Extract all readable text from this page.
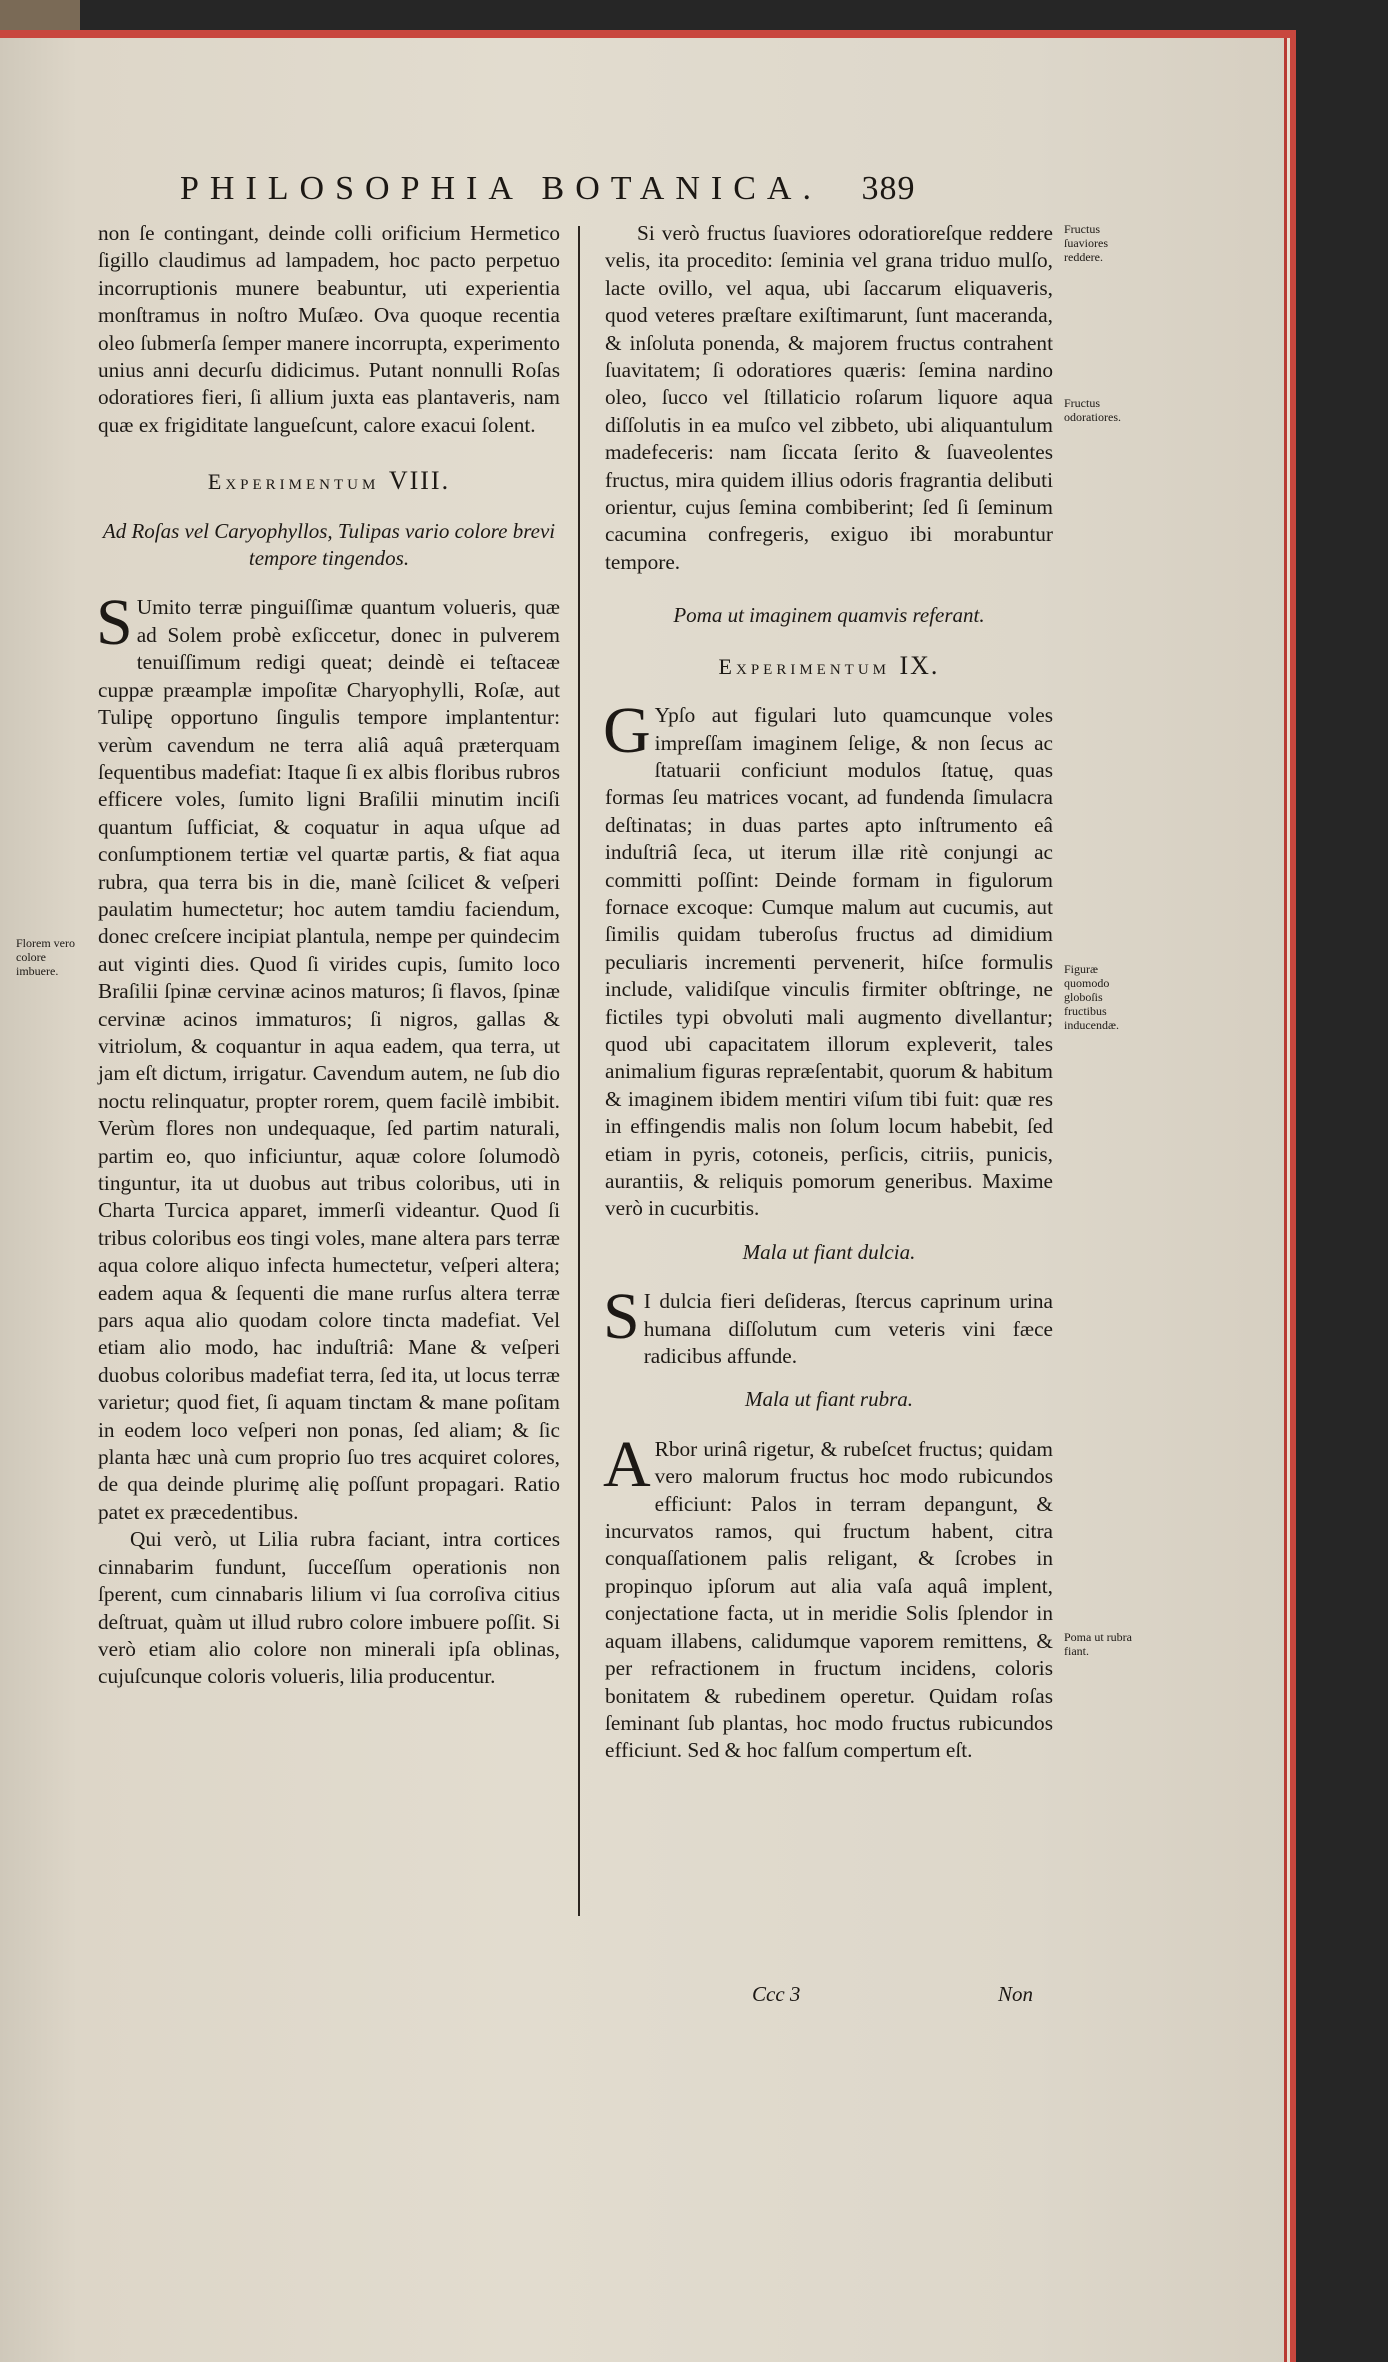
PHILOSOPHIA BOTANICA. 389

non ſe contingant, deinde colli orificium Hermetico ſigillo claudimus ad lampadem, hoc pacto perpetuo incorruptionis munere beabuntur, uti experientia monſtramus in noſtro Muſæo. Ova quoque recentia oleo ſubmerſa ſemper manere incorrupta, experimento unius anni decurſu didicimus. Putant nonnulli Roſas odoratiores fieri, ſi allium juxta eas plantaveris, nam quæ ex frigiditate langueſcunt, calore exacui ſolent.

Experimentum VIII.
Ad Roſas vel Caryophyllos, Tulipas vario colore brevi tempore tingendos.

S Umito terræ pinguiſſimæ quantum volueris, quæ ad Solem probè exſiccetur, donec in pulverem tenuiſſimum redigi queat; deindè ei teſtaceæ cuppæ præamplæ impoſitæ Charyophylli, Roſæ, aut Tulipę opportuno ſingulis tempore implantentur: verùm cavendum ne terra aliâ aquâ præterquam ſequentibus madefiat: Itaque ſi ex albis floribus rubros efficere voles, ſumito ligni Braſilii minutim inciſi quantum ſufficiat, & coquatur in aqua uſque ad conſumptionem tertiæ vel quartæ partis, & fiat aqua rubra, qua terra bis in die, manè ſcilicet & veſperi paulatim humectetur; hoc autem tamdiu faciendum, donec creſcere incipiat plantula, nempe per quindecim aut viginti dies. Quod ſi virides cupis, ſumito loco Braſilii ſpinæ cervinæ acinos maturos; ſi flavos, ſpinæ cervinæ acinos immaturos; ſi nigros, gallas & vitriolum, & coquantur in aqua eadem, qua terra, ut jam eſt dictum, irrigatur. Cavendum autem, ne ſub dio noctu relinquatur, propter rorem, quem facilè imbibit. Verùm flores non undequaque, ſed partim naturali, partim eo, quo inficiuntur, aquæ colore ſolumodò tinguntur, ita ut duobus aut tribus coloribus, uti in Charta Turcica apparet, immerſi videantur. Quod ſi tribus coloribus eos tingi voles, mane altera pars terræ aqua colore aliquo infecta humectetur, veſperi altera; eadem aqua & ſequenti die mane rurſus altera terræ pars aqua alio quodam colore tincta madefiat. Vel etiam alio modo, hac induſtriâ: Mane & veſperi duobus coloribus madefiat terra, ſed ita, ut locus terræ varietur; quod fiet, ſi aquam tinctam & mane poſitam in eodem loco veſperi non ponas, ſed aliam; & ſic planta hæc unà cum proprio ſuo tres acquiret colores, de qua deinde plurimę alię poſſunt propagari. Ratio patet ex præcedentibus.

Qui verò, ut Lilia rubra faciant, intra cortices cinnabarim fundunt, ſucceſſum operationis non ſperent, cum cinnabaris lilium vi ſua corroſiva citius deſtruat, quàm ut illud rubro colore imbuere poſſit. Si verò etiam alio colore non minerali ipſa oblinas, cujuſcunque coloris volueris, lilia producentur.

Si verò fructus ſuaviores odoratioreſque reddere velis, ita procedito: ſeminia vel grana triduo mulſo, lacte ovillo, vel aqua, ubi ſaccarum eliquaveris, quod veteres præſtare exiſtimarunt, ſunt maceranda, & inſoluta ponenda, & majorem fructus contrahent ſuavitatem; ſi odoratiores quæris: ſemina nardino oleo, ſucco vel ſtillaticio roſarum liquore aqua diſſolutis in ea muſco vel zibbeto, ubi aliquantulum madefeceris: nam ſiccata ſerito & ſuaveolentes fructus, mira quidem illius odoris fragrantia delibuti orientur, cujus ſemina combiberint; ſed ſi ſeminum cacumina confregeris, exiguo ibi morabuntur tempore.

Poma ut imaginem quamvis referant.
Experimentum IX.

G Ypſo aut figulari luto quamcunque voles impreſſam imaginem ſelige, & non ſecus ac ſtatuarii conficiunt modulos ſtatuę, quas formas ſeu matrices vocant, ad fundenda ſimulacra deſtinatas; in duas partes apto inſtrumento eâ induſtriâ ſeca, ut iterum illæ ritè conjungi ac committi poſſint: Deinde formam in figulorum fornace excoque: Cumque malum aut cucumis, aut ſimilis quidam tuberoſus fructus ad dimidium peculiaris incrementi pervenerit, hiſce formulis include, validiſque vinculis firmiter obſtringe, ne fictiles typi obvoluti mali augmento divellantur; quod ubi capacitatem illorum expleverit, tales animalium figuras repræſentabit, quorum & habitum & imaginem ibidem mentiri viſum tibi fuit: quæ res in effingendis malis non ſolum locum habebit, ſed etiam in pyris, cotoneis, perſicis, citriis, punicis, aurantiis, & reliquis pomorum generibus. Maxime verò in cucurbitis.

Mala ut fiant dulcia.

S I dulcia fieri deſideras, ſtercus caprinum urina humana diſſolutum cum veteris vini fæce radicibus affunde.

Mala ut fiant rubra.

A Rbor urinâ rigetur, & rubeſcet fructus; quidam vero malorum fructus hoc modo rubicundos efficiunt: Palos in terram depangunt, & incurvatos ramos, qui fructum habent, citra conquaſſationem palis religant, & ſcrobes in propinquo ipſorum aut alia vaſa aquâ implent, conjectatione facta, ut in meridie Solis ſplendor in aquam illabens, calidumque vaporem remittens, & per refractionem in fructum incidens, coloris bonitatem & rubedinem operetur. Quidam roſas ſeminant ſub plantas, hoc modo fructus rubicundos efficiunt. Sed & hoc falſum compertum eſt.

Florem vero colore imbuere.
Fructus ſuaviores reddere.
Fructus odoratiores.
Figuræ quomodo globoſis fructibus inducendæ.
Poma ut rubra fiant.
Ccc 3	Non
